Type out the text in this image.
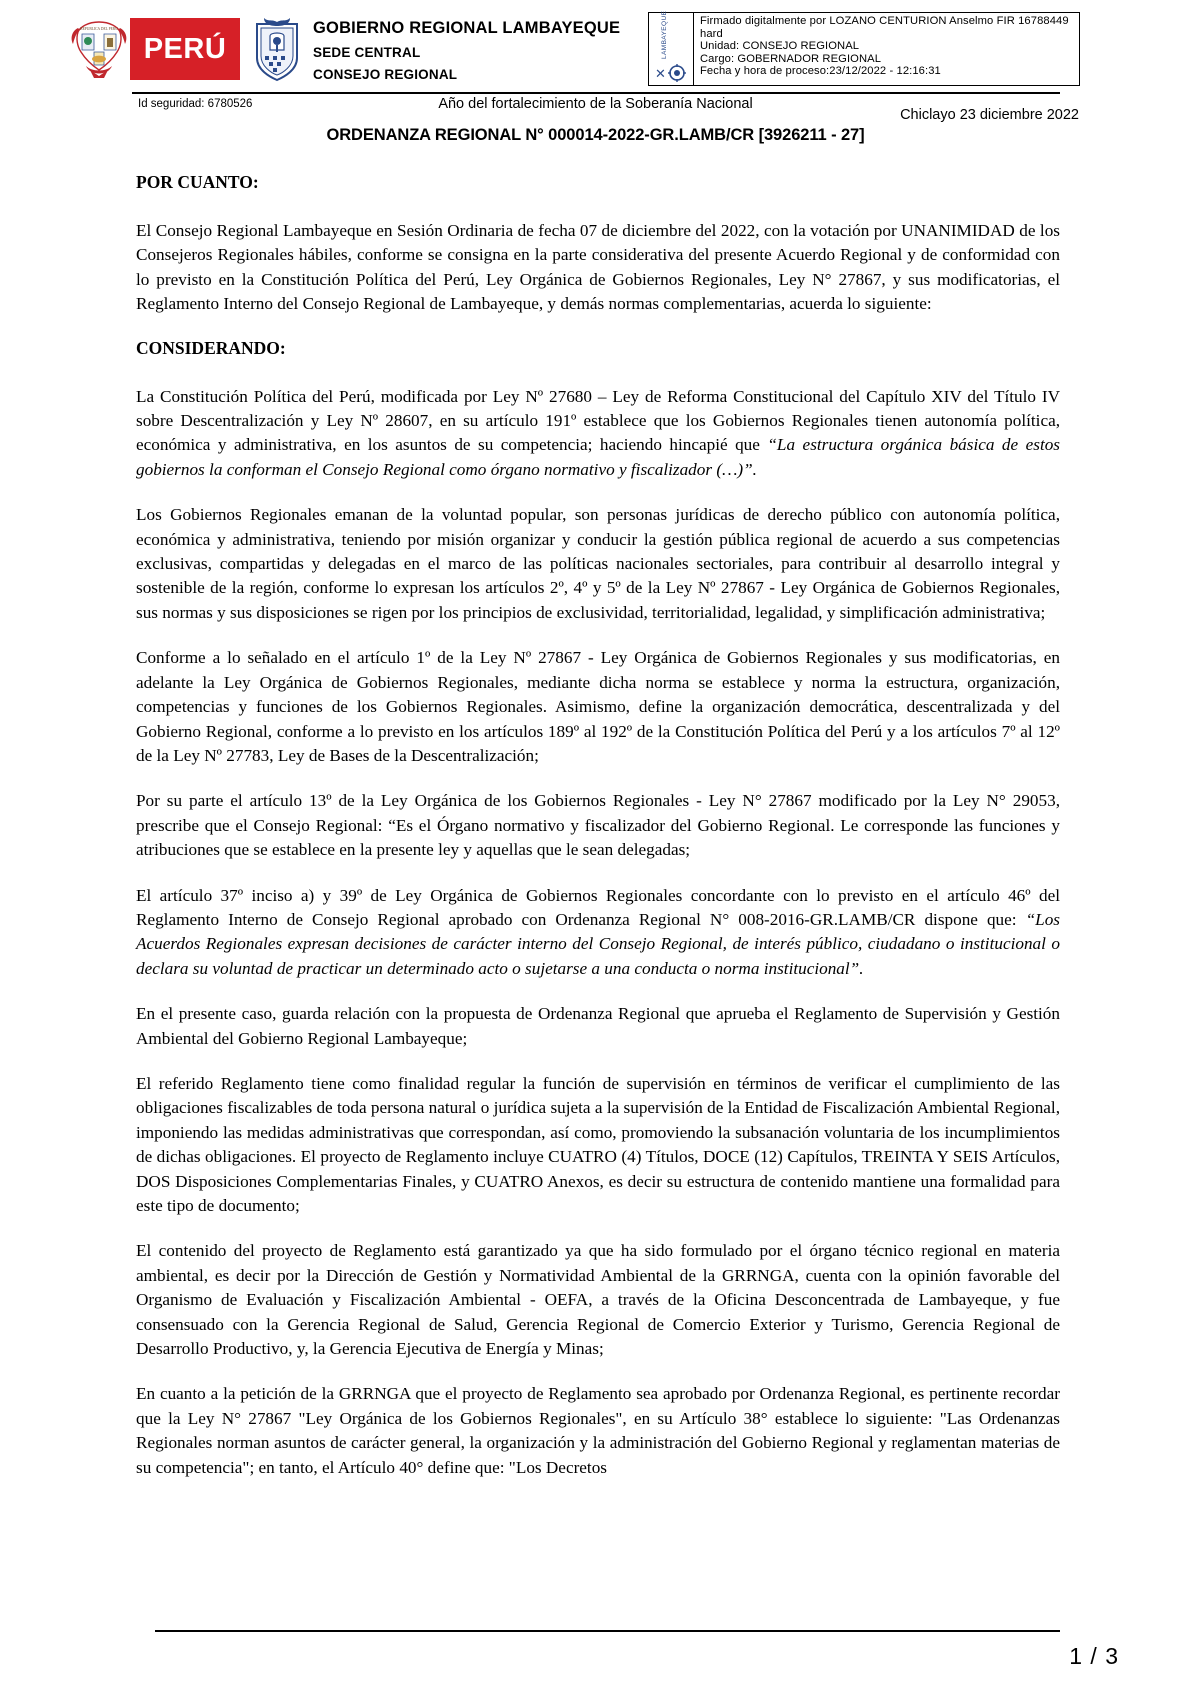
REPUBLICA DEL PERU
PERÚ
GOBIERNO REGIONAL LAMBAYEQUE
SEDE CENTRAL
CONSEJO REGIONAL
LAMBAYEQUE
✕
Firmado digitalmente por LOZANO CENTURION Anselmo FIR 16788449
hard
Unidad: CONSEJO REGIONAL
Cargo: GOBERNADOR REGIONAL
Fecha y hora de proceso:23/12/2022 - 12:16:31
Id seguridad: 6780526	Año del fortalecimiento de la Soberanía Nacional
Chiclayo 23 diciembre 2022
ORDENANZA REGIONAL N° 000014-2022-GR.LAMB/CR [3926211 - 27]
POR CUANTO:

El Consejo Regional Lambayeque en Sesión Ordinaria de fecha 07 de diciembre del 2022, con la votación por UNANIMIDAD de los Consejeros Regionales hábiles, conforme se consigna en la parte considerativa del presente Acuerdo Regional y de conformidad con lo previsto en la Constitución Política del Perú, Ley Orgánica de Gobiernos Regionales, Ley N° 27867, y sus modificatorias, el Reglamento Interno del Consejo Regional de Lambayeque, y demás normas complementarias, acuerda lo siguiente:

CONSIDERANDO:

La Constitución Política del Perú, modificada por Ley Nº 27680 – Ley de Reforma Constitucional del Capítulo XIV del Título IV sobre Descentralización y Ley Nº 28607, en su artículo 191º establece que los Gobiernos Regionales tienen autonomía política, económica y administrativa, en los asuntos de su competencia; haciendo hincapié que “La estructura orgánica básica de estos gobiernos la conforman el Consejo Regional como órgano normativo y fiscalizador (…)”.

Los Gobiernos Regionales emanan de la voluntad popular, son personas jurídicas de derecho público con autonomía política, económica y administrativa, teniendo por misión organizar y conducir la gestión pública regional de acuerdo a sus competencias exclusivas, compartidas y delegadas en el marco de las políticas nacionales sectoriales, para contribuir al desarrollo integral y sostenible de la región, conforme lo expresan los artículos 2º, 4º y 5º de la Ley Nº 27867 - Ley Orgánica de Gobiernos Regionales, sus normas y sus disposiciones se rigen por los principios de exclusividad, territorialidad, legalidad, y simplificación administrativa;

Conforme a lo señalado en el artículo 1º de la Ley Nº 27867 - Ley Orgánica de Gobiernos Regionales y sus modificatorias, en adelante la Ley Orgánica de Gobiernos Regionales, mediante dicha norma se establece y norma la estructura, organización, competencias y funciones de los Gobiernos Regionales. Asimismo, define la organización democrática, descentralizada y del Gobierno Regional, conforme a lo previsto en los artículos 189º al 192º de la Constitución Política del Perú y a los artículos 7º al 12º de la Ley Nº 27783, Ley de Bases de la Descentralización;

Por su parte el artículo 13º de la Ley Orgánica de los Gobiernos Regionales - Ley N° 27867 modificado por la Ley N° 29053, prescribe que el Consejo Regional: “Es el Órgano normativo y fiscalizador del Gobierno Regional. Le corresponde las funciones y atribuciones que se establece en la presente ley y aquellas que le sean delegadas;

El artículo 37º inciso a) y 39º de Ley Orgánica de Gobiernos Regionales concordante con lo previsto en el artículo 46º del Reglamento Interno de Consejo Regional aprobado con Ordenanza Regional N° 008-2016-GR.LAMB/CR dispone que: “Los Acuerdos Regionales expresan decisiones de carácter interno del Consejo Regional, de interés público, ciudadano o institucional o declara su voluntad de practicar un determinado acto o sujetarse a una conducta o norma institucional”.

En el presente caso, guarda relación con la propuesta de Ordenanza Regional que aprueba el Reglamento de Supervisión y Gestión Ambiental del Gobierno Regional Lambayeque;

El referido Reglamento tiene como finalidad regular la función de supervisión en términos de verificar el cumplimiento de las obligaciones fiscalizables de toda persona natural o jurídica sujeta a la supervisión de la Entidad de Fiscalización Ambiental Regional, imponiendo las medidas administrativas que correspondan, así como, promoviendo la subsanación voluntaria de los incumplimientos de dichas obligaciones. El proyecto de Reglamento incluye CUATRO (4) Títulos, DOCE (12) Capítulos, TREINTA Y SEIS Artículos, DOS Disposiciones Complementarias Finales, y CUATRO Anexos, es decir su estructura de contenido mantiene una formalidad para este tipo de documento;

El contenido del proyecto de Reglamento está garantizado ya que ha sido formulado por el órgano técnico regional en materia ambiental, es decir por la Dirección de Gestión y Normatividad Ambiental de la GRRNGA, cuenta con la opinión favorable del Organismo de Evaluación y Fiscalización Ambiental - OEFA, a través de la Oficina Desconcentrada de Lambayeque, y fue consensuado con la Gerencia Regional de Salud, Gerencia Regional de Comercio Exterior y Turismo, Gerencia Regional de Desarrollo Productivo, y, la Gerencia Ejecutiva de Energía y Minas;

En cuanto a la petición de la GRRNGA que el proyecto de Reglamento sea aprobado por Ordenanza Regional, es pertinente recordar que la Ley N° 27867 "Ley Orgánica de los Gobiernos Regionales", en su Artículo 38° establece lo siguiente: "Las Ordenanzas Regionales norman asuntos de carácter general, la organización y la administración del Gobierno Regional y reglamentan materias de su competencia"; en tanto, el Artículo 40° define que: "Los Decretos

1 / 3
